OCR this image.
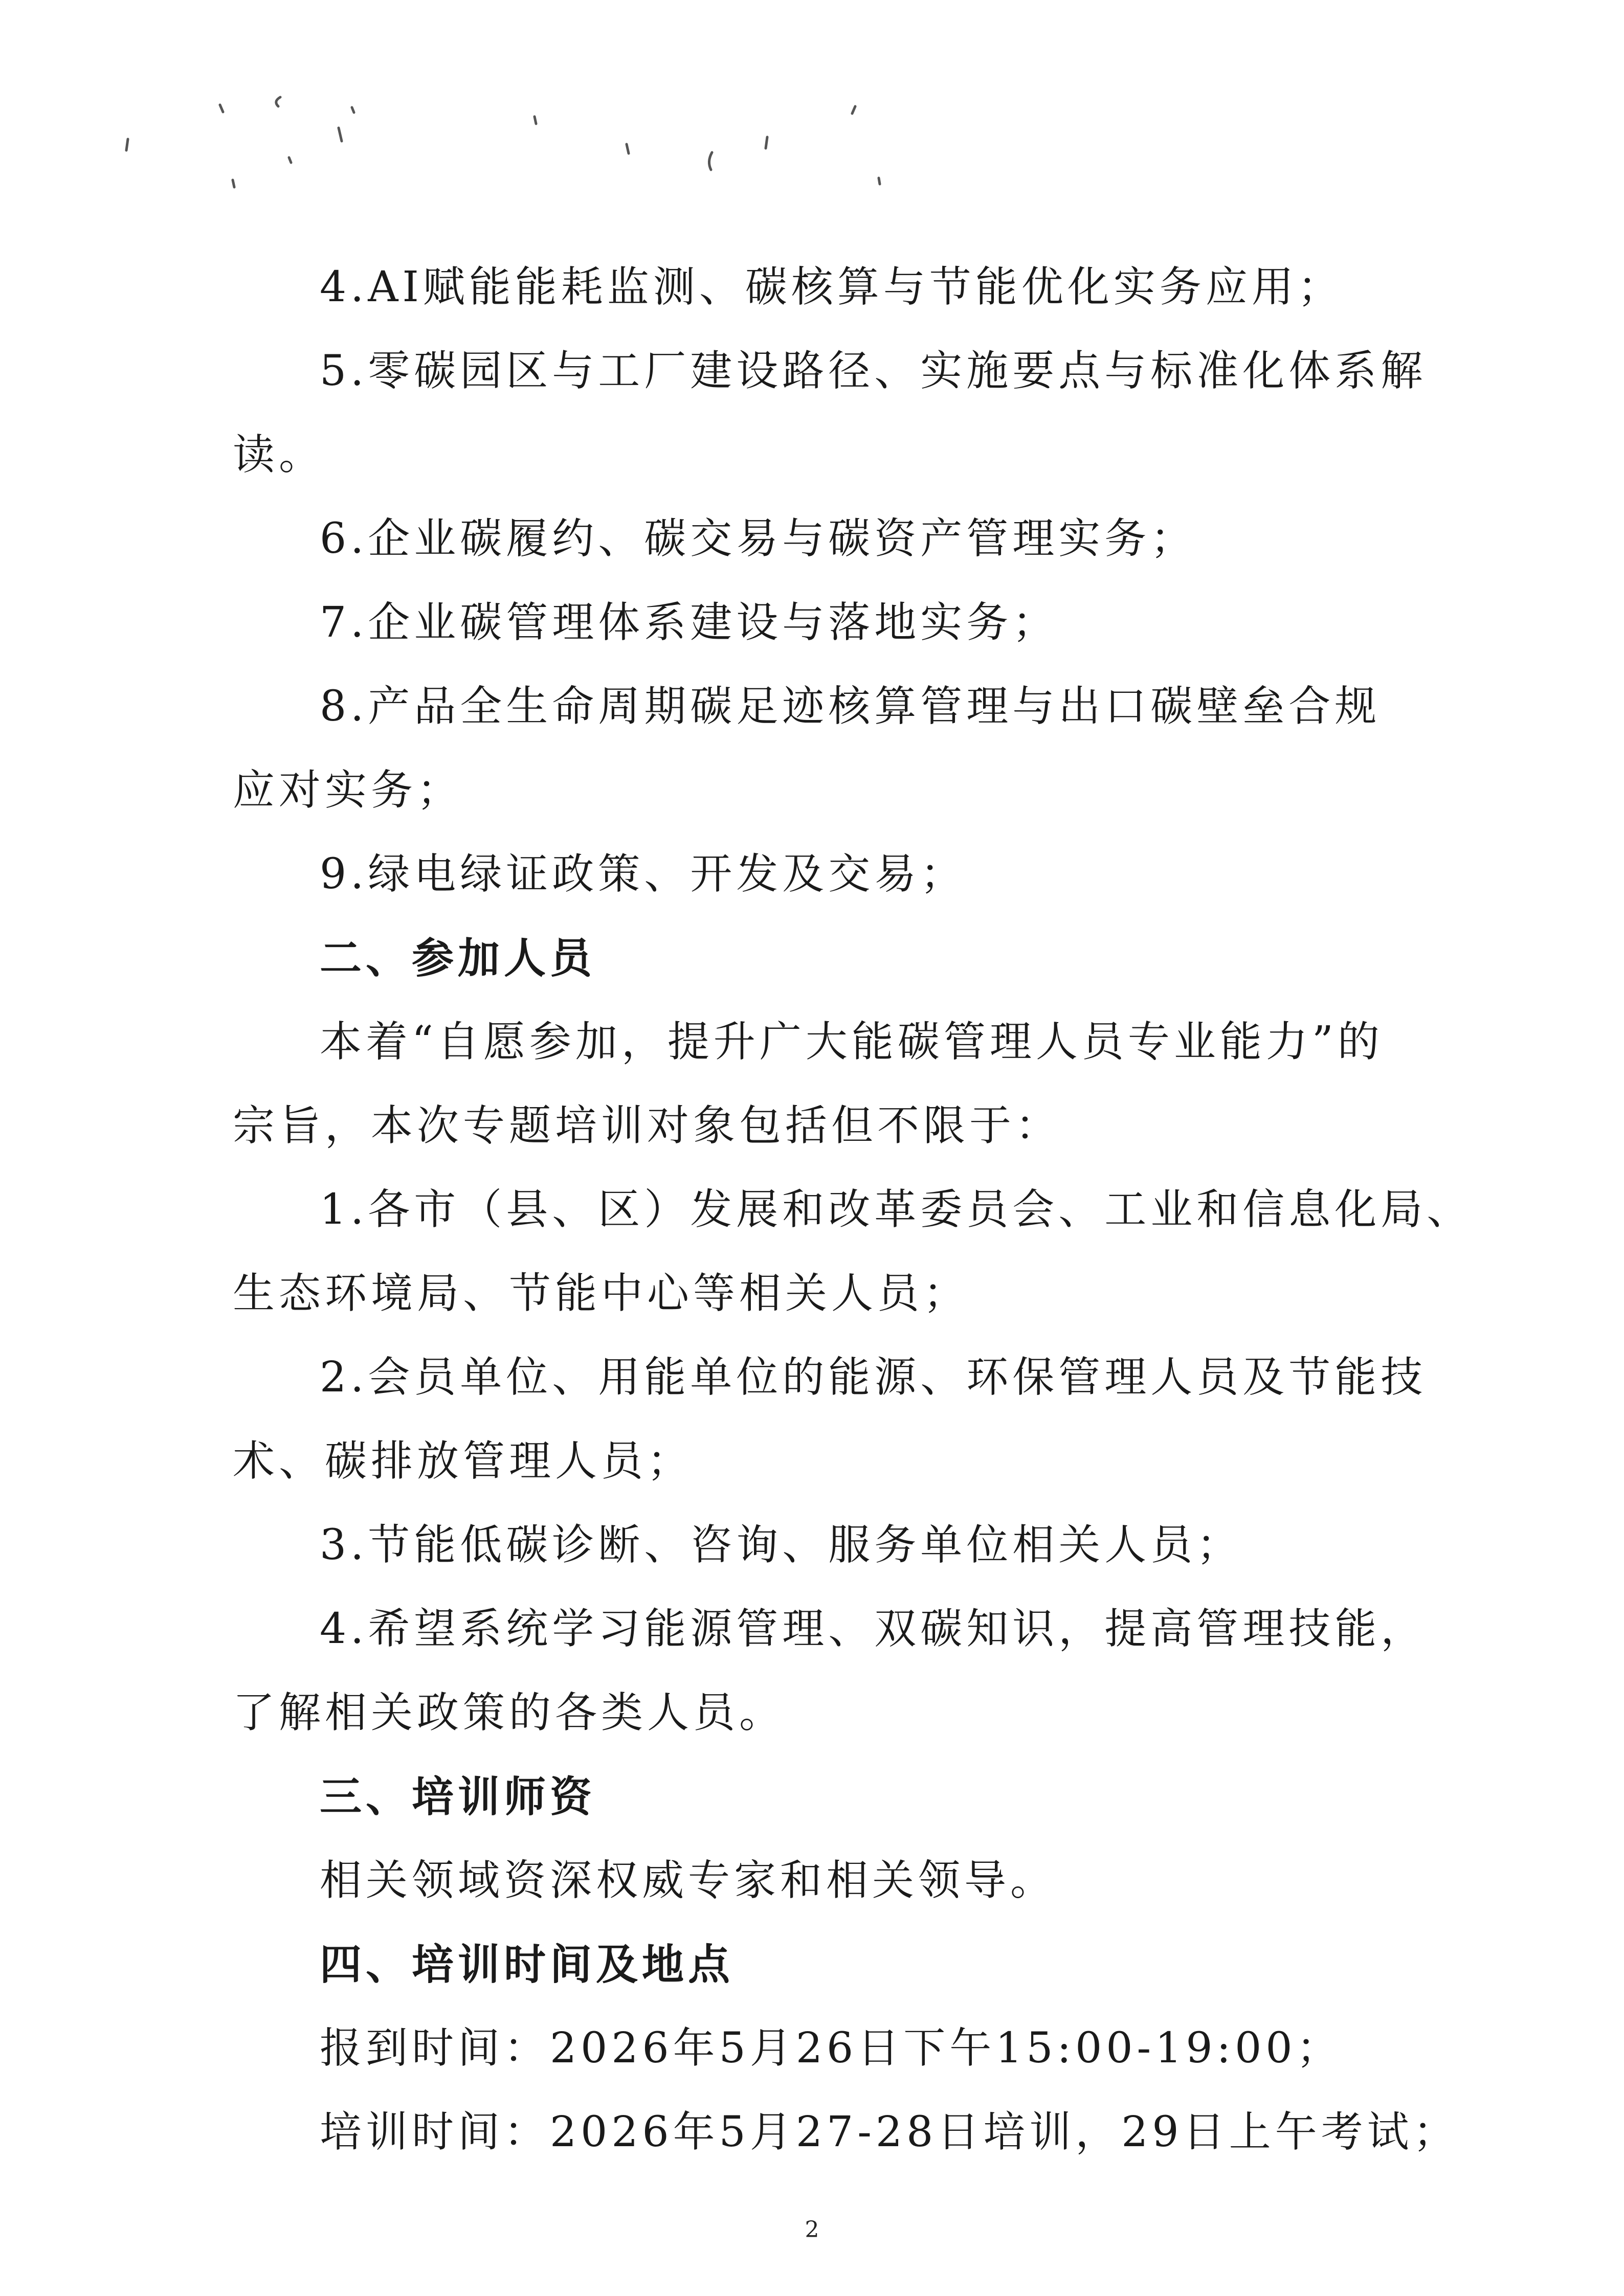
4.AI赋能能耗监测、碳核算与节能优化实务应用；
5.零碳园区与工厂建设路径、实施要点与标准化体系解
读。
6.企业碳履约、碳交易与碳资产管理实务；
7.企业碳管理体系建设与落地实务；
8.产品全生命周期碳足迹核算管理与出口碳壁垒合规
应对实务；
9.绿电绿证政策、开发及交易；
二、参加人员
本着“自愿参加，提升广大能碳管理人员专业能力”的
宗旨，本次专题培训对象包括但不限于：
1.各市（县、区）发展和改革委员会、工业和信息化局、
生态环境局、节能中心等相关人员；
2.会员单位、用能单位的能源、环保管理人员及节能技
术、碳排放管理人员；
3.节能低碳诊断、咨询、服务单位相关人员；
4.希望系统学习能源管理、双碳知识，提高管理技能，
了解相关政策的各类人员。
三、培训师资
相关领域资深权威专家和相关领导。
四、培训时间及地点
报到时间：2026年5月26日下午15:00-19:00；
培训时间：2026年5月27-28日培训，29日上午考试；
2
